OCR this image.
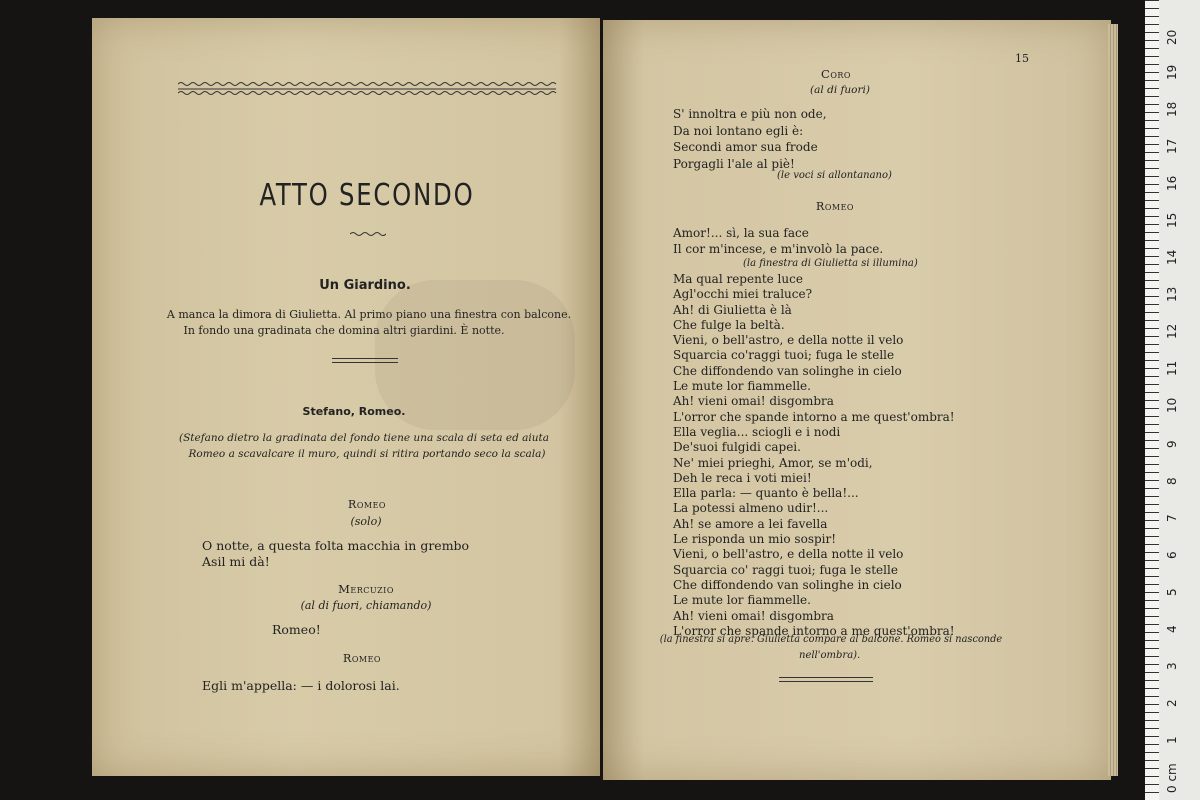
ATTO SECONDO
Un Giardino.
A manca la dimora di Giulietta. Al primo piano una finestra con balcone.
In fondo una gradinata che domina altri giardini. È notte.
Stefano, Romeo.
(Stefano dietro la gradinata del fondo tiene una scala di seta ed aiuta
Romeo a scavalcare il muro, quindi si ritira portando seco la scala)
Romeo
(solo)
O notte, a questa folta macchia in grembo
Asil mi dà!
Mercuzio
(al di fuori, chiamando)
Romeo!
Romeo
Egli m'appella: — i dolorosi lai.
15
Coro
(al di fuori)
S' innoltra e più non ode,
Da noi lontano egli è:
Secondi amor sua frode
Porgagli l'ale al piè!
(le voci si allontanano)
Romeo
Amor!... sì, la sua face
Il cor m'incese, e m'involò la pace.
(la finestra di Giulietta si illumina)
Ma qual repente luce
Agl'occhi miei traluce?
Ah! di Giulietta è là
Che fulge la beltà.
Vieni, o bell'astro, e della notte il velo
Squarcia co'raggi tuoi; fuga le stelle
Che diffondendo van solinghe in cielo
Le mute lor fiammelle.
Ah! vieni omai! disgombra
L'orror che spande intorno a me quest'ombra!
Ella veglia... sciogli e i nodi
De'suoi fulgidi capei.
Ne' miei prieghi, Amor, se m'odi,
Deh le reca i voti miei!
Ella parla: — quanto è bella!...
La potessi almeno udir!...
Ah! se amore a lei favella
Le risponda un mio sospir!
Vieni, o bell'astro, e della notte il velo
Squarcia co' raggi tuoi; fuga le stelle
Che diffondendo van solinghe in cielo
Le mute lor fiammelle.
Ah! vieni omai! disgombra
L'orror che spande intorno a me quest'ombra!
(la finestra si apre. Giulietta compare al balcone. Romeo si nasconde
nell'ombra).
0 cm
1
2
3
4
5
6
7
8
9
10
11
12
13
14
15
16
17
18
19
20
